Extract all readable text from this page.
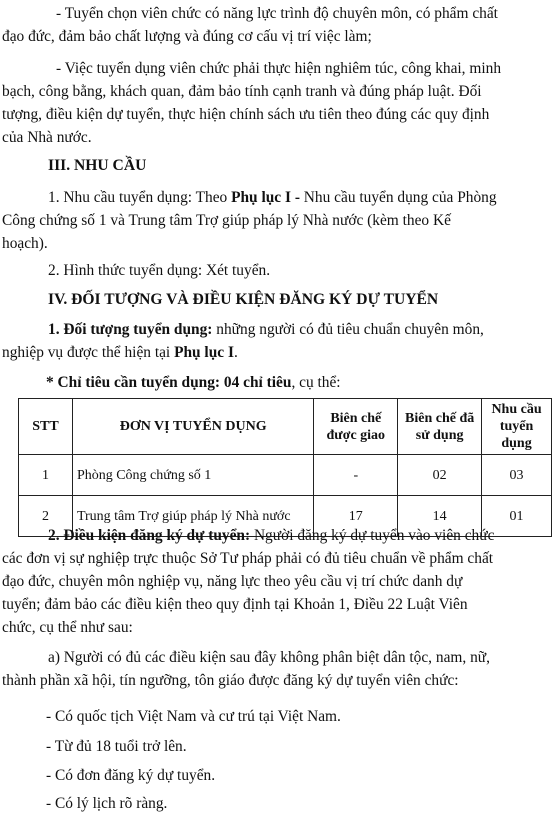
- Tuyển chọn viên chức có năng lực trình độ chuyên môn, có phẩm chất

đạo đức, đảm bảo chất lượng và đúng cơ cấu vị trí việc làm;

- Việc tuyển dụng viên chức phải thực hiện nghiêm túc, công khai, minh

bạch, công bằng, khách quan, đảm bảo tính cạnh tranh và đúng pháp luật. Đối

tượng, điều kiện dự tuyển, thực hiện chính sách ưu tiên theo đúng các quy định

của Nhà nước.

III. NHU CẦU

1. Nhu cầu tuyển dụng: Theo Phụ lục I - Nhu cầu tuyển dụng của Phòng

Công chứng số 1 và Trung tâm Trợ giúp pháp lý Nhà nước (kèm theo Kế

hoạch).

2. Hình thức tuyển dụng: Xét tuyển.

IV. ĐỐI TƯỢNG VÀ ĐIỀU KIỆN ĐĂNG KÝ DỰ TUYỂN

1. Đối tượng tuyển dụng: những người có đủ tiêu chuẩn chuyên môn,

nghiệp vụ được thể hiện tại Phụ lục I.

* Chỉ tiêu cần tuyển dụng: 04 chỉ tiêu, cụ thể:

STT	ĐƠN VỊ TUYỂN DỤNG	Biên chế được giao	Biên chế đã sử dụng	Nhu cầu tuyển dụng
1	Phòng Công chứng số 1	-	02	03
2	Trung tâm Trợ giúp pháp lý Nhà nước	17	14	01

2. Điều kiện đăng ký dự tuyển: Người đăng ký dự tuyển vào viên chức

các đơn vị sự nghiệp trực thuộc Sở Tư pháp phải có đủ tiêu chuẩn về phẩm chất

đạo đức, chuyên môn nghiệp vụ, năng lực theo yêu cầu vị trí chức danh dự

tuyển; đảm bảo các điều kiện theo quy định tại Khoản 1, Điều 22 Luật Viên

chức, cụ thể như sau:

a) Người có đủ các điều kiện sau đây không phân biệt dân tộc, nam, nữ,

thành phần xã hội, tín ngưỡng, tôn giáo được đăng ký dự tuyển viên chức:

- Có quốc tịch Việt Nam và cư trú tại Việt Nam.

- Từ đủ 18 tuổi trở lên.

- Có đơn đăng ký dự tuyển.

- Có lý lịch rõ ràng.
